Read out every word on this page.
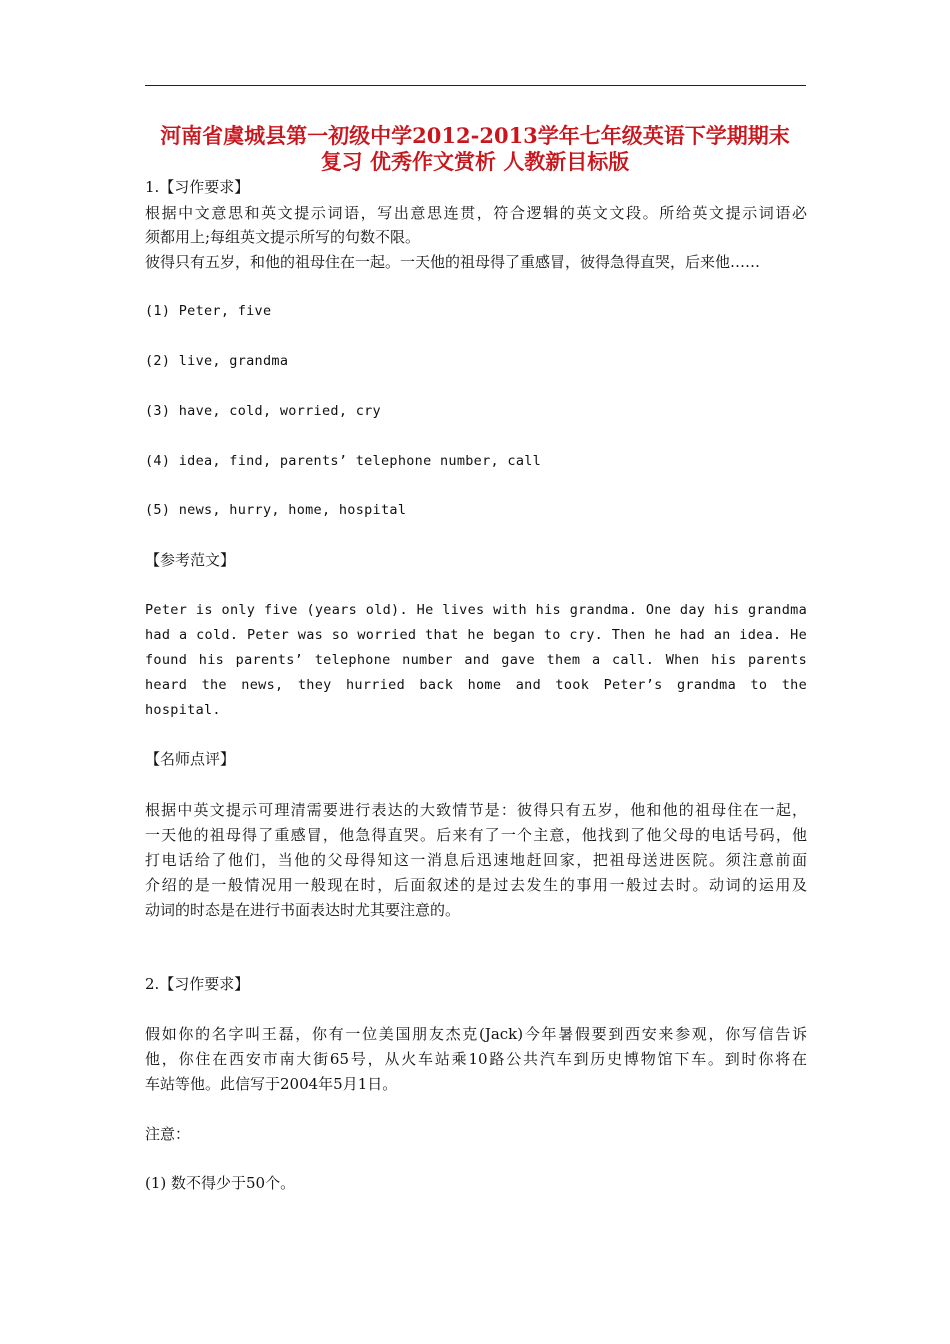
河南省虞城县第一初级中学2012-2013学年七年级英语下学期期末
复习 优秀作文赏析 人教新目标版
1.【习作要求】
根据中文意思和英文提示词语，写出意思连贯，符合逻辑的英文文段。所给英文提示词语必
须都用上;每组英文提示所写的句数不限。
彼得只有五岁，和他的祖母住在一起。一天他的祖母得了重感冒，彼得急得直哭，后来他……
(1) Peter, five
(2) live, grandma
(3) have, cold, worried, cry
(4) idea, find, parents’ telephone number, call
(5) news, hurry, home, hospital
【参考范文】
Peter is only five (years old). He lives with his grandma. One day his grandma
had a cold. Peter was so worried that he began to cry. Then he had an idea. He
found his parents’ telephone number and gave them a call. When his parents
heard the news, they hurried back home and took Peter’s grandma to the
hospital.
【名师点评】
根据中英文提示可理清需要进行表达的大致情节是：彼得只有五岁，他和他的祖母住在一起，
一天他的祖母得了重感冒，他急得直哭。后来有了一个主意，他找到了他父母的电话号码，他
打电话给了他们，当他的父母得知这一消息后迅速地赶回家，把祖母送进医院。须注意前面
介绍的是一般情况用一般现在时，后面叙述的是过去发生的事用一般过去时。动词的运用及
动词的时态是在进行书面表达时尤其要注意的。
2.【习作要求】
假如你的名字叫王磊，你有一位美国朋友杰克(Jack)今年暑假要到西安来参观，你写信告诉
他，你住在西安市南大街65号，从火车站乘10路公共汽车到历史博物馆下车。到时你将在
车站等他。此信写于2004年5月1日。
注意：
(1) 数不得少于50个。
